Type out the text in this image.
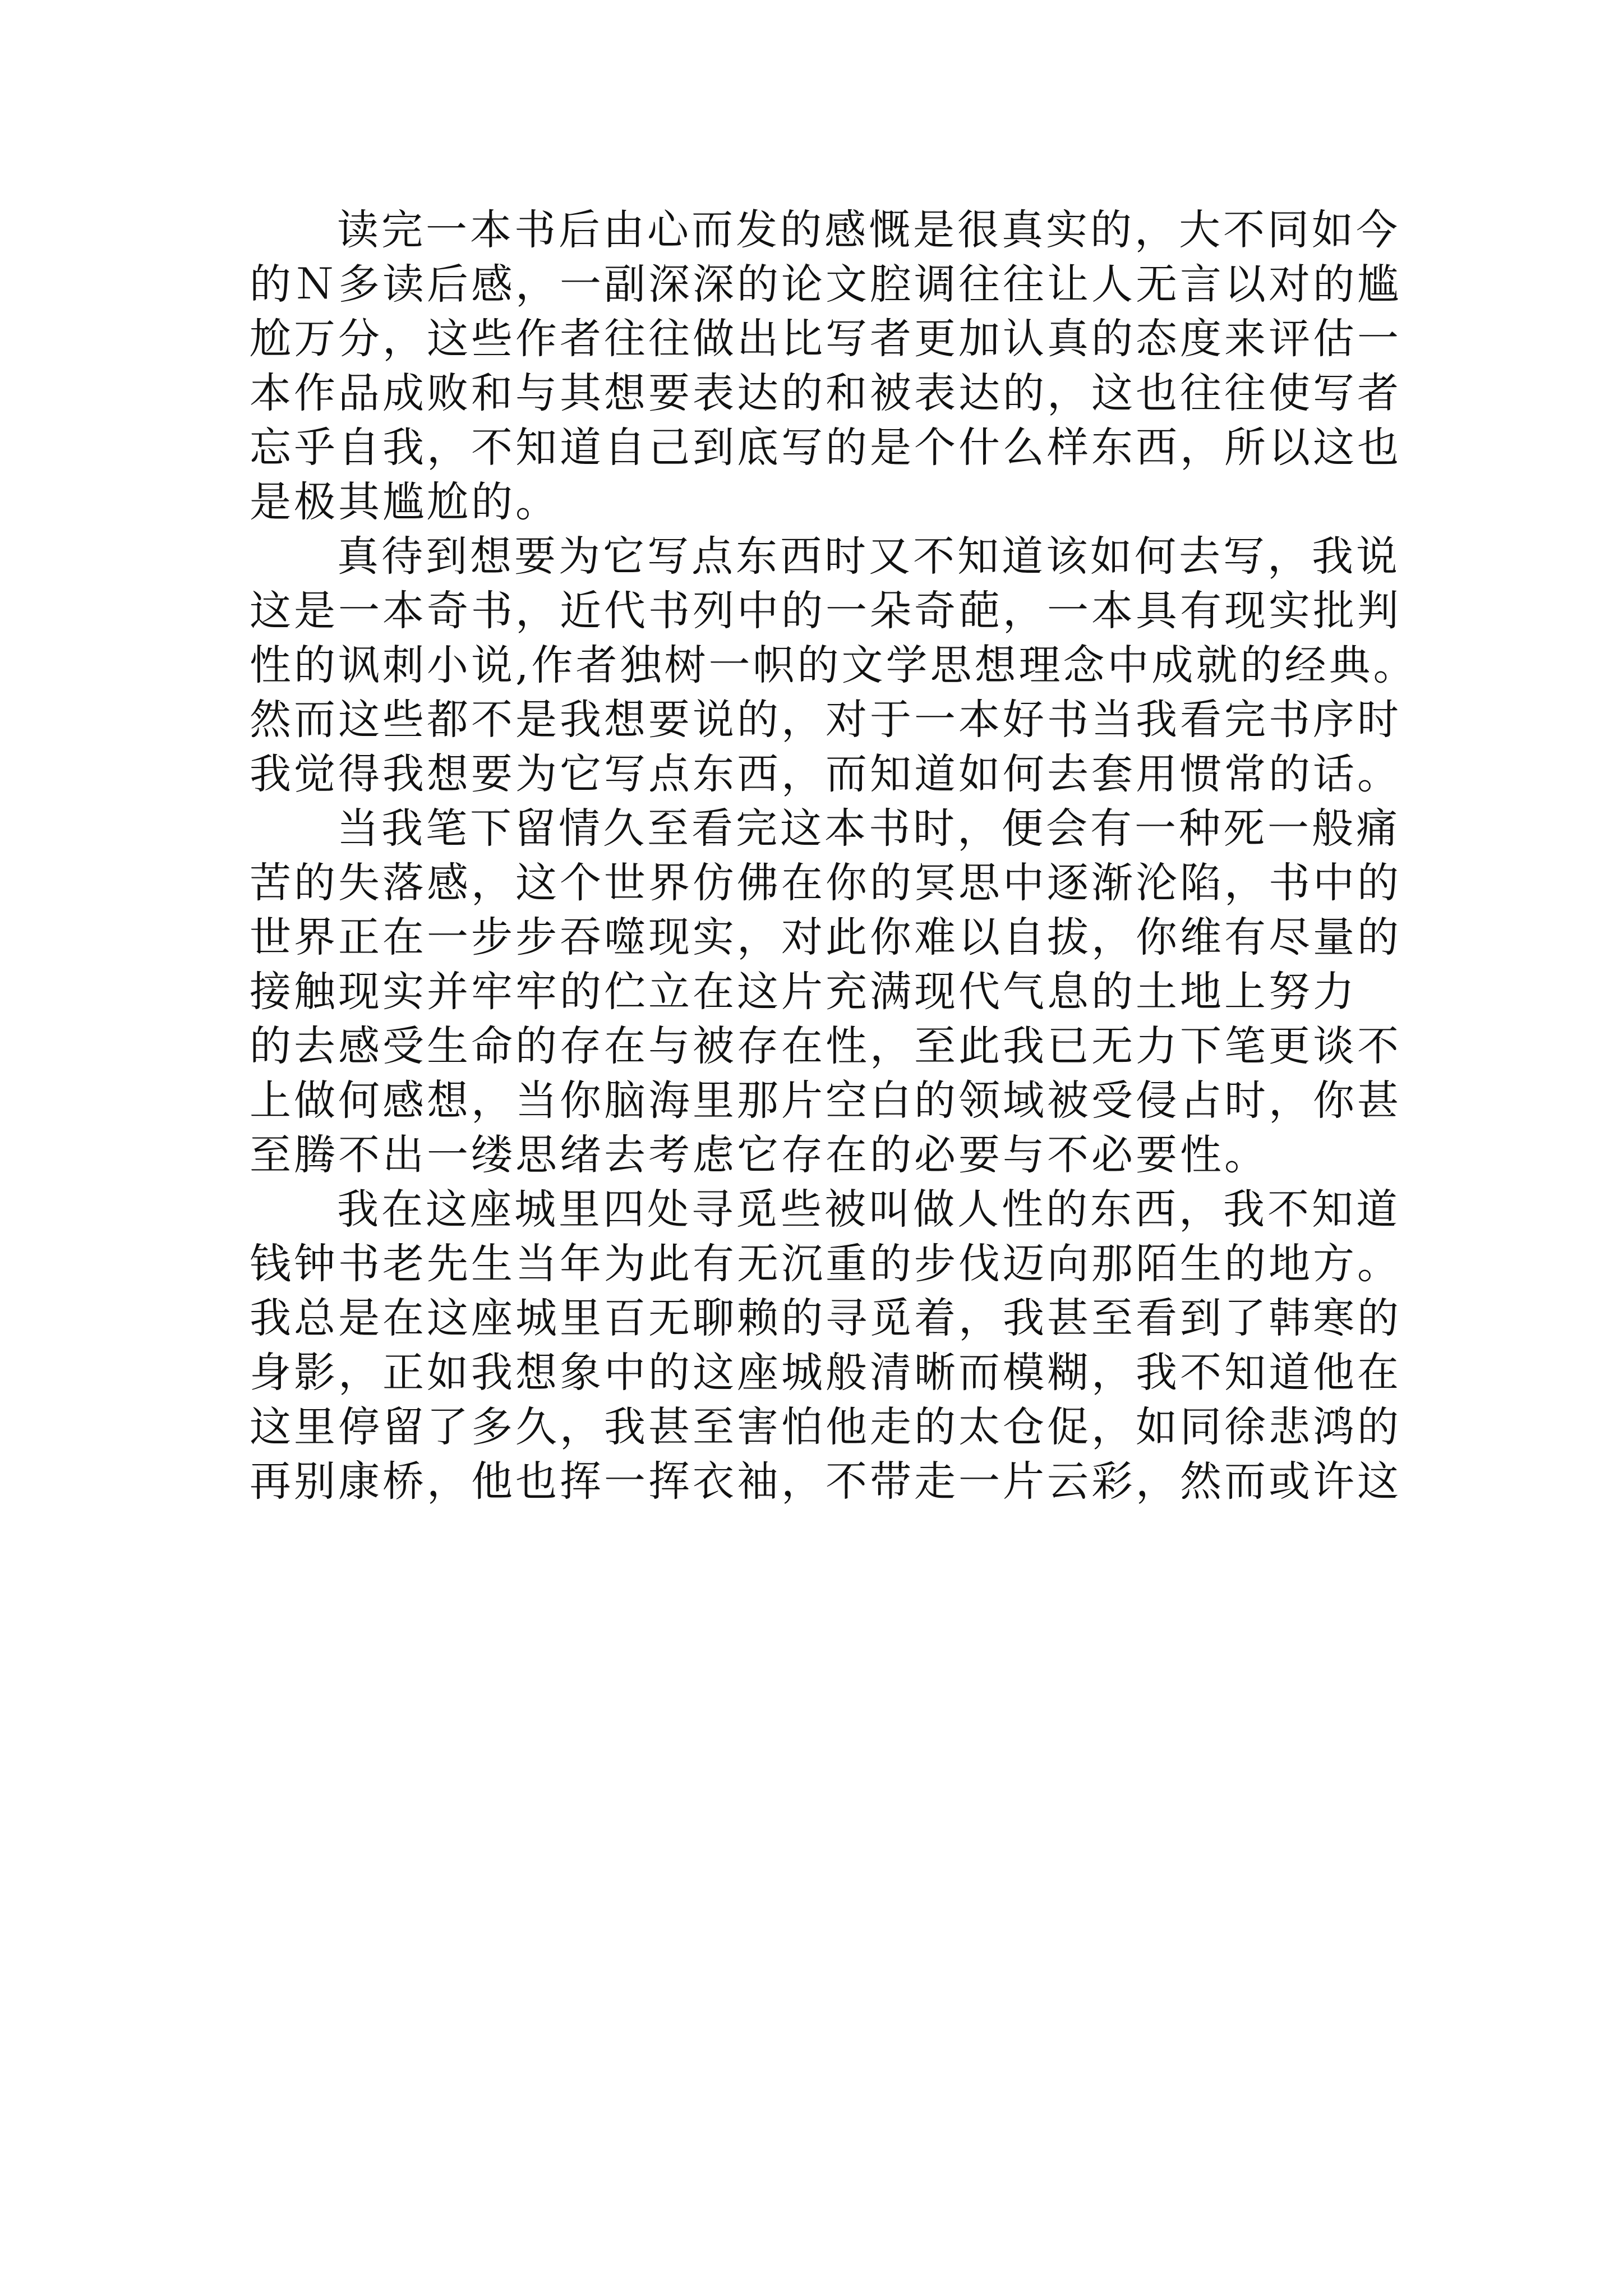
读完一本书后由心而发的感慨是很真实的，大不同如今
的Ｎ多读后感，一副深深的论文腔调往往让人无言以对的尴
尬万分，这些作者往往做出比写者更加认真的态度来评估一
本作品成败和与其想要表达的和被表达的，这也往往使写者
忘乎自我，不知道自己到底写的是个什么样东西，所以这也
是极其尴尬的。
真待到想要为它写点东西时又不知道该如何去写，我说
这是一本奇书，近代书列中的一朵奇葩，一本具有现实批判
性的讽刺小说,作者独树一帜的文学思想理念中成就的经典。
然而这些都不是我想要说的，对于一本好书当我看完书序时
我觉得我想要为它写点东西，而知道如何去套用惯常的话。
当我笔下留情久至看完这本书时，便会有一种死一般痛
苦的失落感，这个世界仿佛在你的冥思中逐渐沦陷，书中的
世界正在一步步吞噬现实，对此你难以自拔，你维有尽量的
接触现实并牢牢的伫立在这片充满现代气息的土地上努力
的去感受生命的存在与被存在性，至此我已无力下笔更谈不
上做何感想，当你脑海里那片空白的领域被受侵占时，你甚
至腾不出一缕思绪去考虑它存在的必要与不必要性。
我在这座城里四处寻觅些被叫做人性的东西，我不知道
钱钟书老先生当年为此有无沉重的步伐迈向那陌生的地方。
我总是在这座城里百无聊赖的寻觅着，我甚至看到了韩寒的
身影，正如我想象中的这座城般清晰而模糊，我不知道他在
这里停留了多久，我甚至害怕他走的太仓促，如同徐悲鸿的
再别康桥，他也挥一挥衣袖，不带走一片云彩，然而或许这
